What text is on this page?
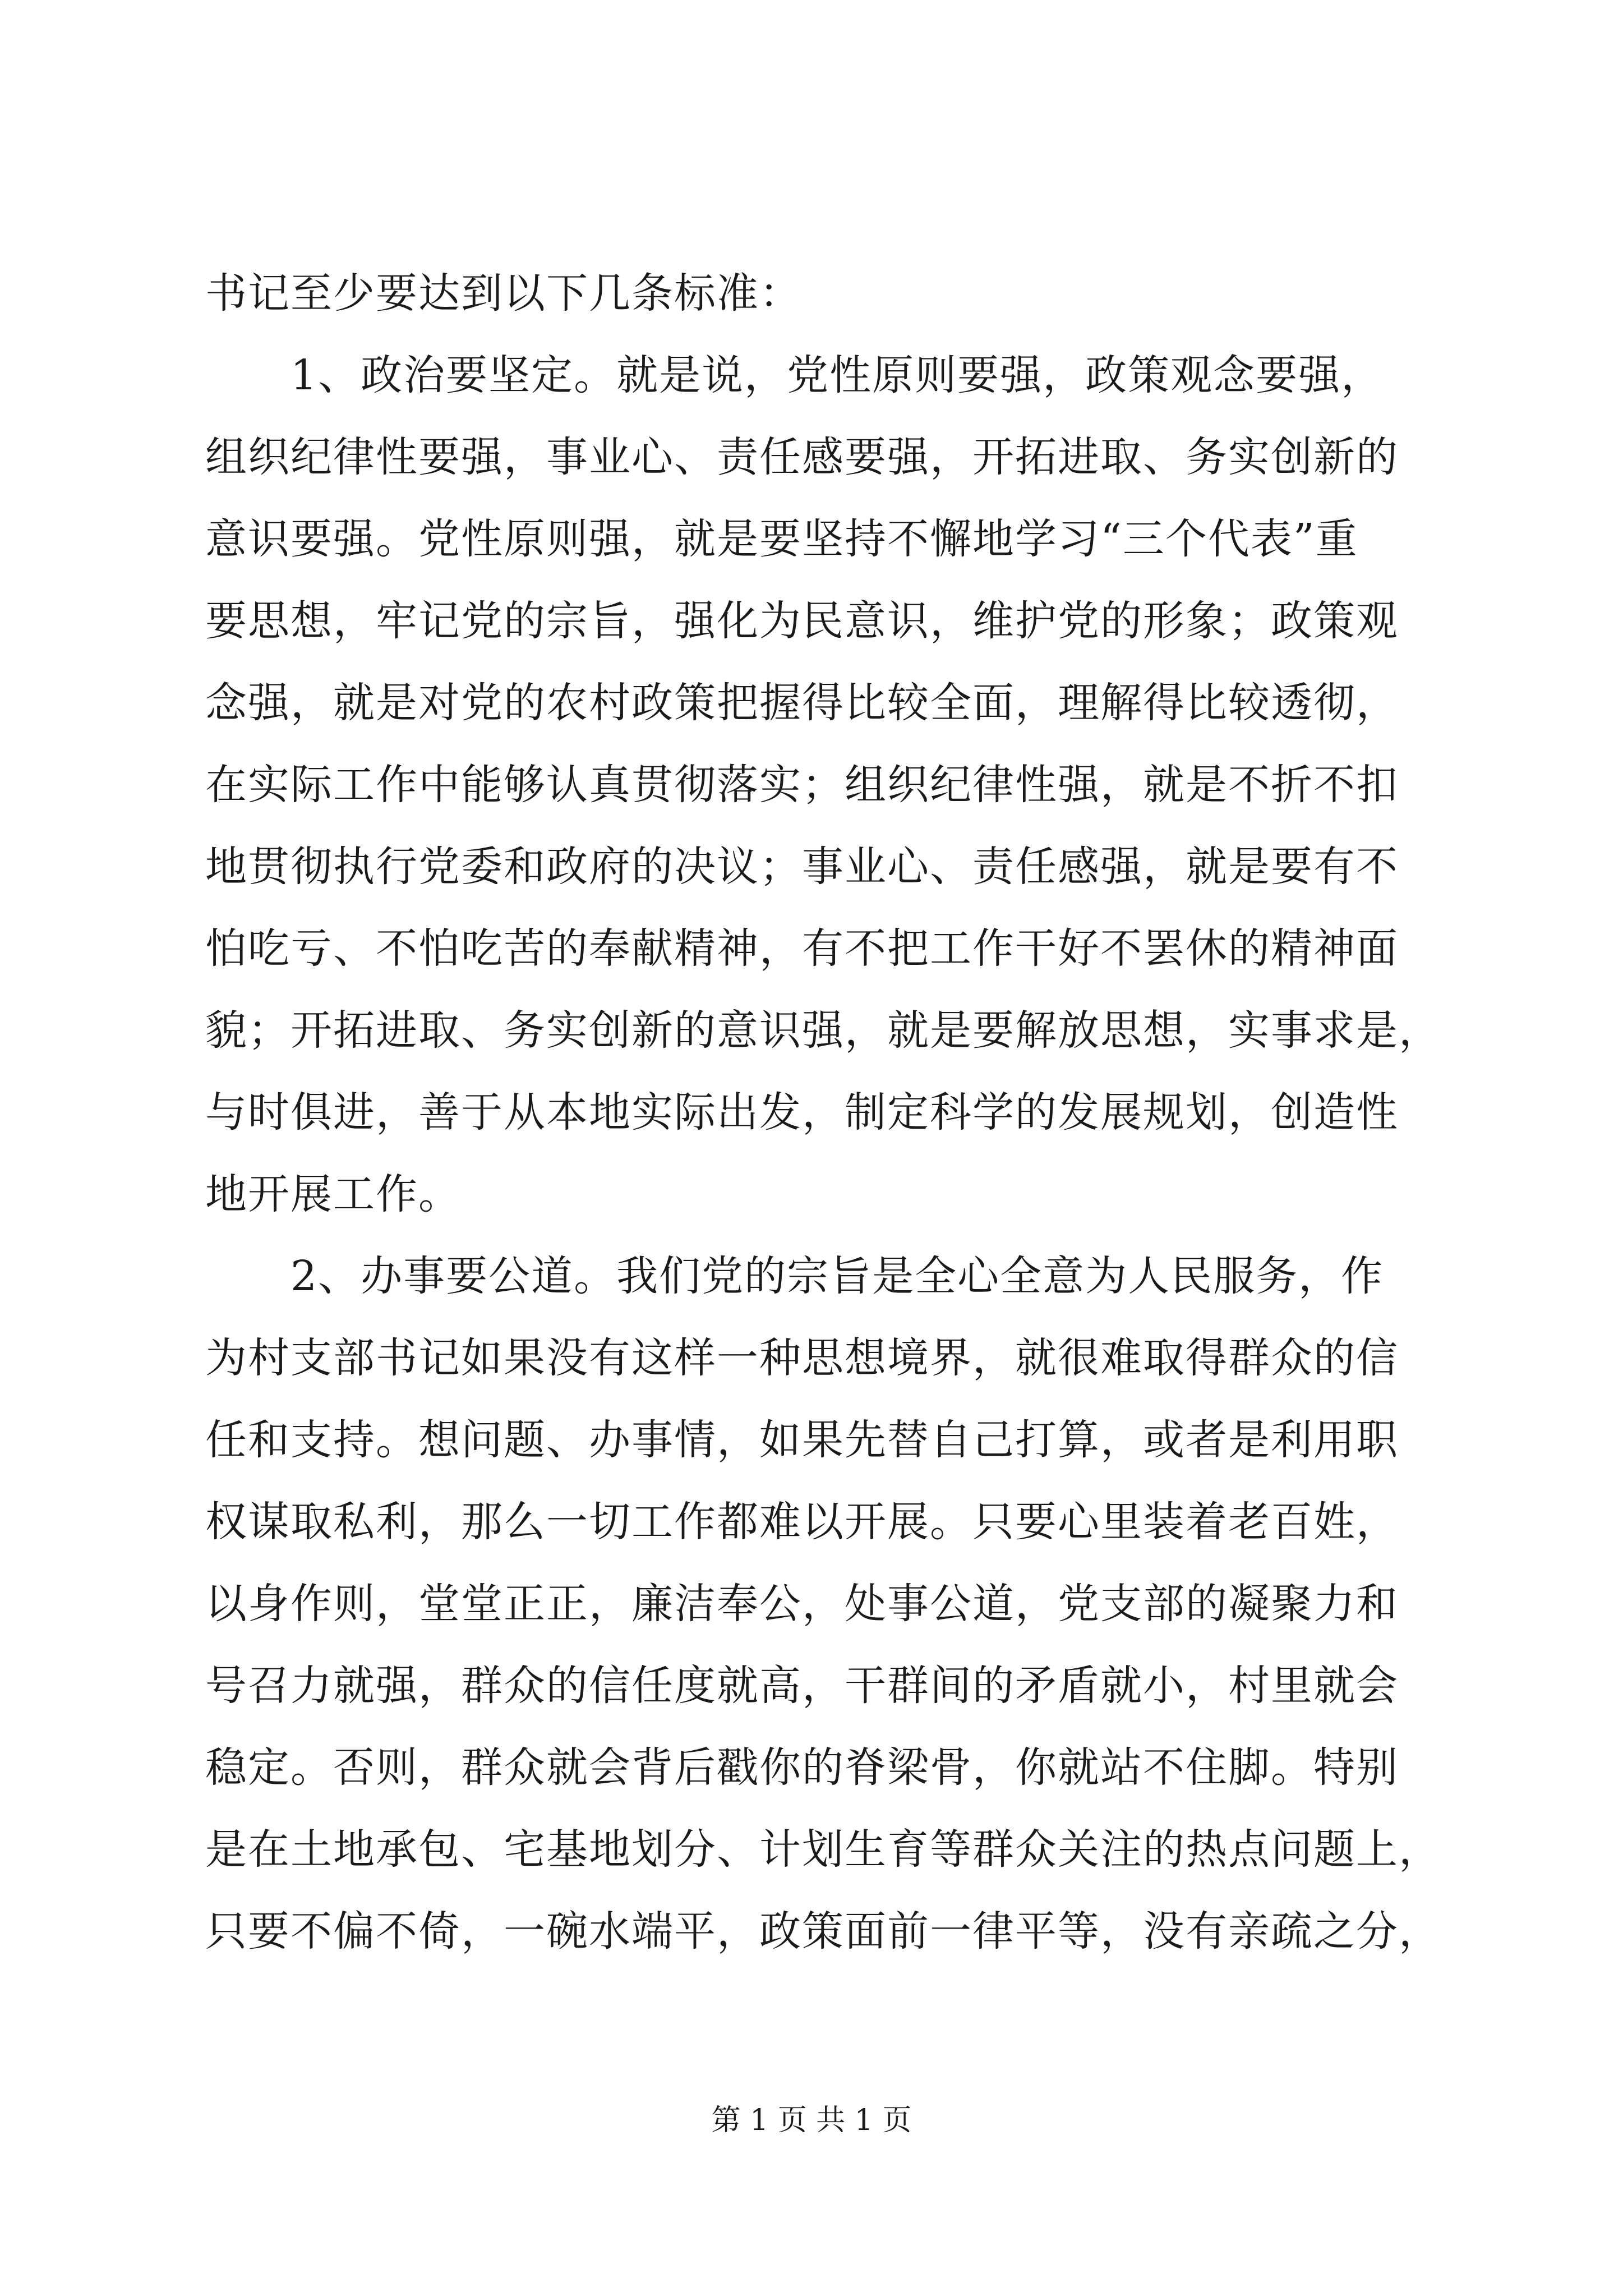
书记至少要达到以下几条标准：
　　1、政治要坚定。就是说，党性原则要强，政策观念要强，
组织纪律性要强，事业心、责任感要强，开拓进取、务实创新的
意识要强。党性原则强，就是要坚持不懈地学习“三个代表”重
要思想，牢记党的宗旨，强化为民意识，维护党的形象；政策观
念强，就是对党的农村政策把握得比较全面，理解得比较透彻，
在实际工作中能够认真贯彻落实；组织纪律性强，就是不折不扣
地贯彻执行党委和政府的决议；事业心、责任感强，就是要有不
怕吃亏、不怕吃苦的奉献精神，有不把工作干好不罢休的精神面
貌；开拓进取、务实创新的意识强，就是要解放思想，实事求是，
与时俱进，善于从本地实际出发，制定科学的发展规划，创造性
地开展工作。
　　2、办事要公道。我们党的宗旨是全心全意为人民服务，作
为村支部书记如果没有这样一种思想境界，就很难取得群众的信
任和支持。想问题、办事情，如果先替自己打算，或者是利用职
权谋取私利，那么一切工作都难以开展。只要心里装着老百姓，
以身作则，堂堂正正，廉洁奉公，处事公道，党支部的凝聚力和
号召力就强，群众的信任度就高，干群间的矛盾就小，村里就会
稳定。否则，群众就会背后戳你的脊梁骨，你就站不住脚。特别
是在土地承包、宅基地划分、计划生育等群众关注的热点问题上，
只要不偏不倚，一碗水端平，政策面前一律平等，没有亲疏之分，
第 1 页 共 1 页
